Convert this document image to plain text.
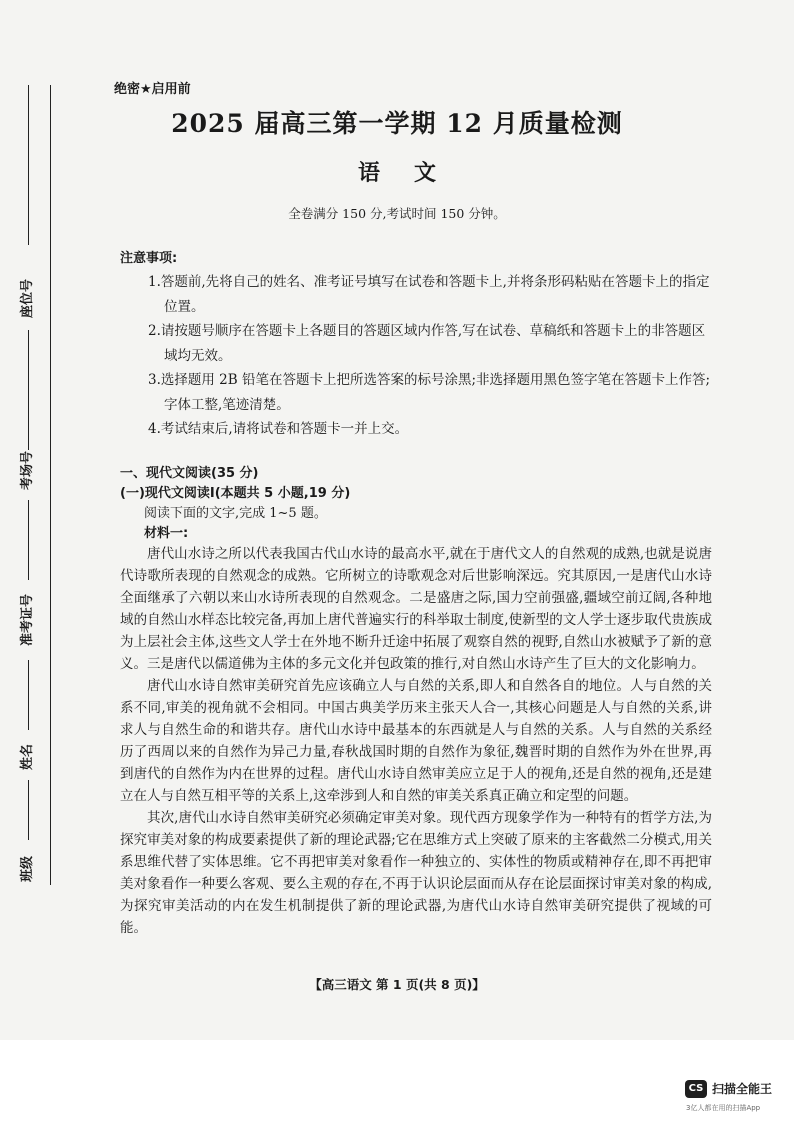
座位号
考场号
准考证号
姓名
班级
绝密★启用前
2025 届高三第一学期 12 月质量检测
语文
全卷满分 150 分,考试时间 150 分钟。
注意事项:
1.答题前,先将自己的姓名、准考证号填写在试卷和答题卡上,并将条形码粘贴在答题卡上的指定位置。
2.请按题号顺序在答题卡上各题目的答题区域内作答,写在试卷、草稿纸和答题卡上的非答题区域均无效。
3.选择题用 2B 铅笔在答题卡上把所选答案的标号涂黑;非选择题用黑色签字笔在答题卡上作答;字体工整,笔迹清楚。
4.考试结束后,请将试卷和答题卡一并上交。
一、现代文阅读(35 分)
(一)现代文阅读Ⅰ(本题共 5 小题,19 分)
阅读下面的文字,完成 1~5 题。
材料一:

唐代山水诗之所以代表我国古代山水诗的最高水平,就在于唐代文人的自然观的成熟,也就是说唐代诗歌所表现的自然观念的成熟。它所树立的诗歌观念对后世影响深远。究其原因,一是唐代山水诗全面继承了六朝以来山水诗所表现的自然观念。二是盛唐之际,国力空前强盛,疆域空前辽阔,各种地域的自然山水样态比较完备,再加上唐代普遍实行的科举取士制度,使新型的文人学士逐步取代贵族成为上层社会主体,这些文人学士在外地不断升迁途中拓展了观察自然的视野,自然山水被赋予了新的意义。三是唐代以儒道佛为主体的多元文化并包政策的推行,对自然山水诗产生了巨大的文化影响力。

唐代山水诗自然审美研究首先应该确立人与自然的关系,即人和自然各自的地位。人与自然的关系不同,审美的视角就不会相同。中国古典美学历来主张天人合一,其核心问题是人与自然的关系,讲求人与自然生命的和谐共存。唐代山水诗中最基本的东西就是人与自然的关系。人与自然的关系经历了西周以来的自然作为异己力量,春秋战国时期的自然作为象征,魏晋时期的自然作为外在世界,再到唐代的自然作为内在世界的过程。唐代山水诗自然审美应立足于人的视角,还是自然的视角,还是建立在人与自然互相平等的关系上,这牵涉到人和自然的审美关系真正确立和定型的问题。

其次,唐代山水诗自然审美研究必须确定审美对象。现代西方现象学作为一种特有的哲学方法,为探究审美对象的构成要素提供了新的理论武器;它在思维方式上突破了原来的主客截然二分模式,用关系思维代替了实体思维。它不再把审美对象看作一种独立的、实体性的物质或精神存在,即不再把审美对象看作一种要么客观、要么主观的存在,不再于认识论层面而从存在论层面探讨审美对象的构成,为探究审美活动的内在发生机制提供了新的理论武器,为唐代山水诗自然审美研究提供了视域的可能。

【高三语文 第 1 页(共 8 页)】
CS 扫描全能王
3亿人都在用的扫描App
